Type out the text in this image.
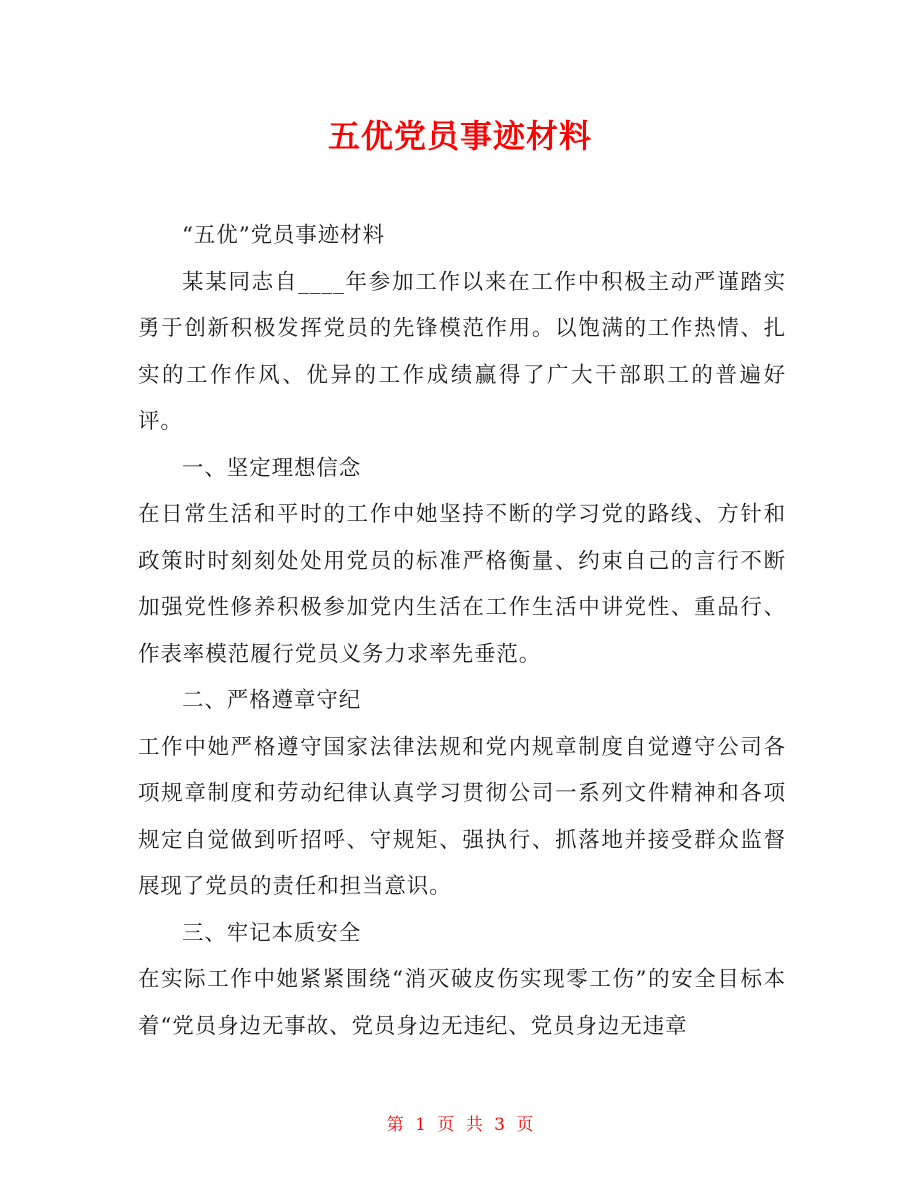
五优党员事迹材料

“五优”党员事迹材料

某某同志自____年参加工作以来在工作中积极主动严谨踏实勇于创新积极发挥党员的先锋模范作用。以饱满的工作热情、扎实的工作作风、优异的工作成绩赢得了广大干部职工的普遍好评。

一、坚定理想信念

在日常生活和平时的工作中她坚持不断的学习党的路线、方针和政策时时刻刻处处用党员的标准严格衡量、约束自己的言行不断加强党性修养积极参加党内生活在工作生活中讲党性、重品行、作表率模范履行党员义务力求率先垂范。

二、严格遵章守纪

工作中她严格遵守国家法律法规和党内规章制度自觉遵守公司各项规章制度和劳动纪律认真学习贯彻公司一系列文件精神和各项规定自觉做到听招呼、守规矩、强执行、抓落地并接受群众监督展现了党员的责任和担当意识。

三、牢记本质安全

在实际工作中她紧紧围绕“消灭破皮伤实现零工伤”的安全目标本着“党员身边无事故、党员身边无违纪、党员身边无违章

第 1 页 共 3 页
